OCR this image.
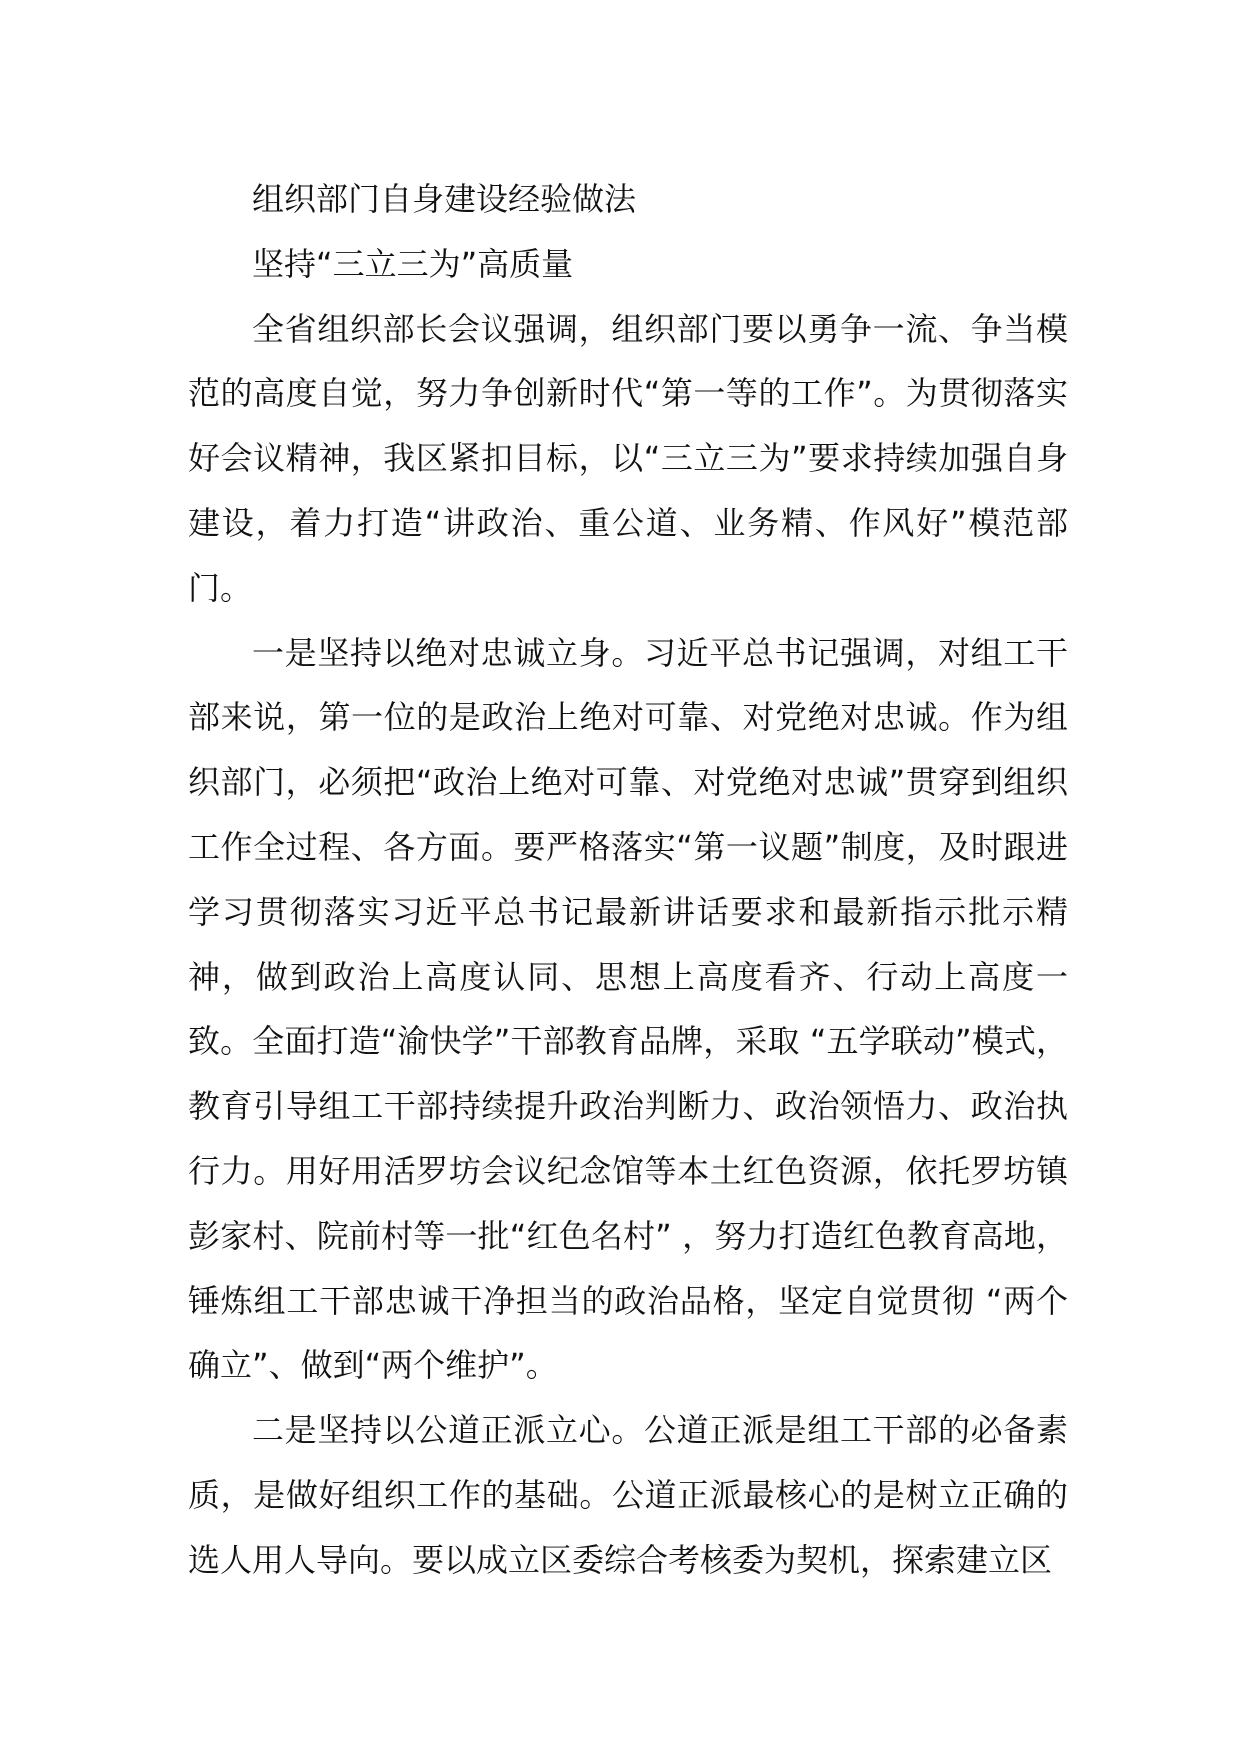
组织部门自身建设经验做法

坚持“三立三为”高质量

全省组织部长会议强调，组织部门要以勇争一流、争当模范的高度自觉，努力争创新时代“第一等的工作”。为贯彻落实好会议精神，我区紧扣目标，以“三立三为”要求持续加强自身建设，着力打造“讲政治、重公道、业务精、作风好”模范部门。

一是坚持以绝对忠诚立身。习近平总书记强调，对组工干部来说，第一位的是政治上绝对可靠、对党绝对忠诚。作为组织部门，必须把“政治上绝对可靠、对党绝对忠诚”贯穿到组织工作全过程、各方面。要严格落实“第一议题”制度，及时跟进学习贯彻落实习近平总书记最新讲话要求和最新指示批示精神，做到政治上高度认同、思想上高度看齐、行动上高度一致。全面打造“渝快学”干部教育品牌，采取 “五学联动”模式，教育引导组工干部持续提升政治判断力、政治领悟力、政治执行力。用好用活罗坊会议纪念馆等本土红色资源，依托罗坊镇彭家村、院前村等一批“红色名村” ，努力打造红色教育高地，锤炼组工干部忠诚干净担当的政治品格，坚定自觉贯彻 “两个确立”、做到“两个维护”。

二是坚持以公道正派立心。公道正派是组工干部的必备素质，是做好组织工作的基础。公道正派最核心的是树立正确的选人用人导向。要以成立区委综合考核委为契机，探索建立区
